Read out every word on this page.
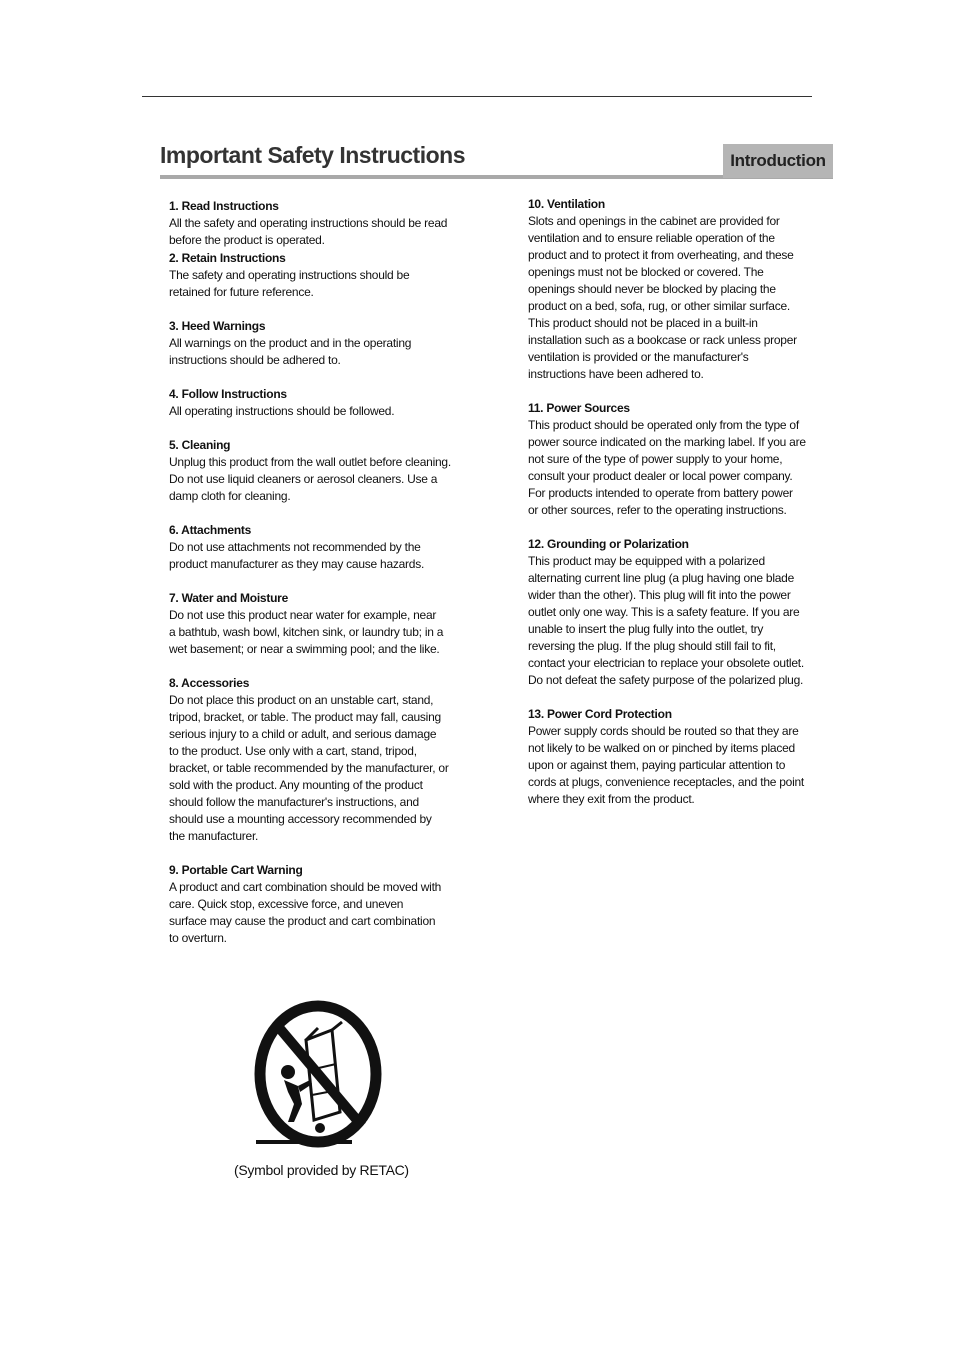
Important Safety Instructions	Introduction
1. Read Instructions

All the safety and operating instructions should be read
before the product is operated.

2. Retain Instructions

The safety and operating instructions should be
retained for future reference.

3. Heed Warnings

All warnings on the product and in the operating
instructions should be adhered to.

4. Follow Instructions

All operating instructions should be followed.

5. Cleaning

Unplug this product from the wall outlet before cleaning.
Do not use liquid cleaners or aerosol cleaners. Use a
damp cloth for cleaning.

6. Attachments

Do not use attachments not recommended by the
product manufacturer as they may cause hazards.

7. Water and Moisture

Do not use this product near water for example, near
a bathtub, wash bowl, kitchen sink, or laundry tub; in a
wet basement; or near a swimming pool; and the like.

8. Accessories

Do not place this product on an unstable cart, stand,
tripod, bracket, or table. The product may fall, causing
serious injury to a child or adult, and serious damage
to the product. Use only with a cart, stand, tripod,
bracket, or table recommended by the manufacturer, or
sold with the product. Any mounting of the product
should follow the manufacturer's instructions, and
should use a mounting accessory recommended by
the manufacturer.

9. Portable Cart Warning

A product and cart combination should be moved with
care. Quick stop, excessive force, and uneven
surface may cause the product and cart combination
to overturn.

10. Ventilation

Slots and openings in the cabinet are provided for
ventilation and to ensure reliable operation of the
product and to protect it from overheating, and these
openings must not be blocked or covered. The
openings should never be blocked by placing the
product on a bed, sofa, rug, or other similar surface.
This product should not be placed in a built-in
installation such as a bookcase or rack unless proper
ventilation is provided or the manufacturer's
instructions have been adhered to.

11. Power Sources

This product should be operated only from the type of
power source indicated on the marking label. If you are
not sure of the type of power supply to your home,
consult your product dealer or local power company.
For products intended to operate from battery power
or other sources, refer to the operating instructions.

12. Grounding or Polarization

This product may be equipped with a polarized
alternating current line plug (a plug having one blade
wider than the other). This plug will fit into the power
outlet only one way. This is a safety feature. If you are
unable to insert the plug fully into the outlet, try
reversing the plug. If the plug should still fail to fit,
contact your electrician to replace your obsolete outlet.
Do not defeat the safety purpose of the polarized plug.

13. Power Cord Protection

Power supply cords should be routed so that they are
not likely to be walked on or pinched by items placed
upon or against them, paying particular attention to
cords at plugs, convenience receptacles, and the point
where they exit from the product.

(Symbol provided by RETAC)
